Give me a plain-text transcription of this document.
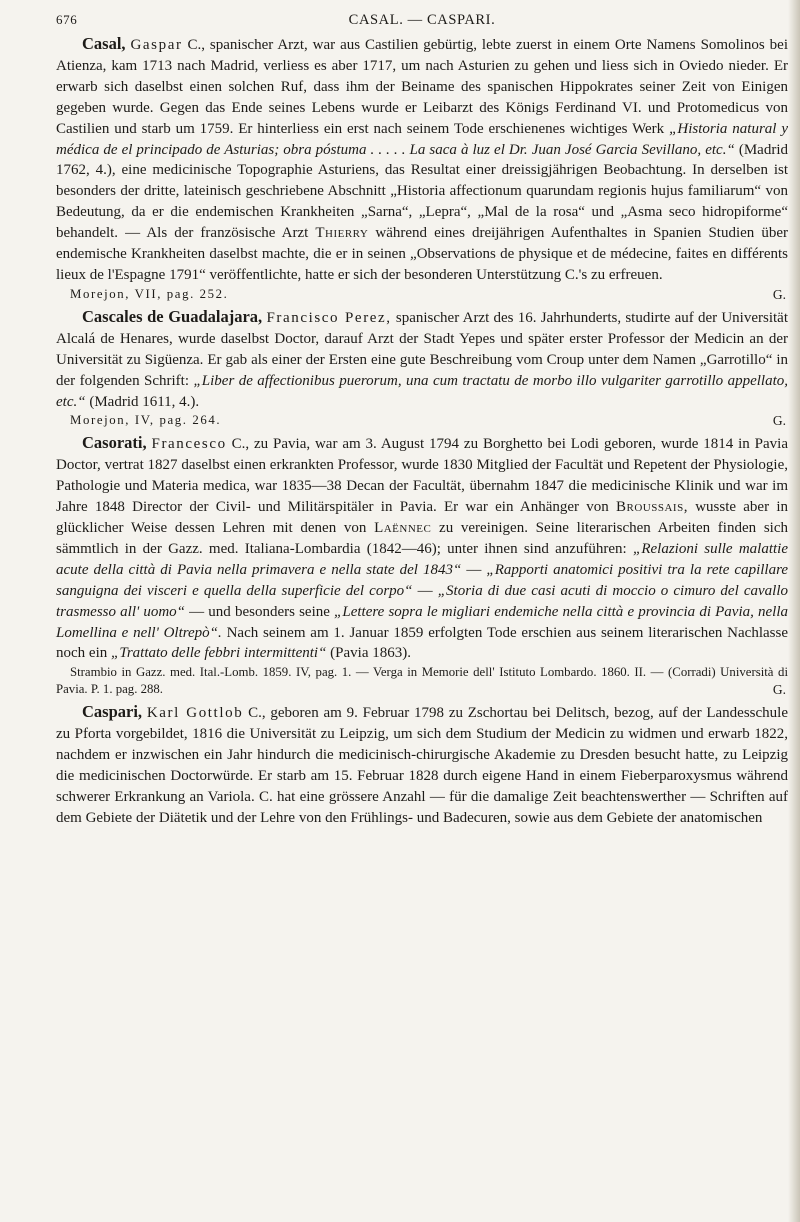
676	CASAL. — CASPARI.

Casal, Gaspar C., spanischer Arzt, war aus Castilien gebürtig, lebte zuerst in einem Orte Namens Somolinos bei Atienza, kam 1713 nach Madrid, verliess es aber 1717, um nach Asturien zu gehen und liess sich in Oviedo nieder. Er erwarb sich daselbst einen solchen Ruf, dass ihm der Beiname des spanischen Hippokrates seiner Zeit von Einigen gegeben wurde. Gegen das Ende seines Lebens wurde er Leibarzt des Königs Ferdinand VI. und Protomedicus von Castilien und starb um 1759. Er hinterliess ein erst nach seinem Tode erschienenes wichtiges Werk „Historia natural y médica de el principado de Asturias; obra póstuma . . . . . La saca à luz el Dr. Juan José Garcia Sevillano, etc.“ (Madrid 1762, 4.), eine medicinische Topographie Asturiens, das Resultat einer dreissigjährigen Beobachtung. In derselben ist besonders der dritte, lateinisch geschriebene Abschnitt „Historia affectionum quarundam regionis hujus familiarum“ von Bedeutung, da er die endemischen Krankheiten „Sarna“, „Lepra“, „Mal de la rosa“ und „Asma seco hidropiforme“ behandelt. — Als der französische Arzt Thierry während eines dreijährigen Aufenthaltes in Spanien Studien über endemische Krankheiten daselbst machte, die er in seinen „Observations de physique et de médecine, faites en différents lieux de l'Espagne 1791“ veröffentlichte, hatte er sich der besonderen Unterstützung C.'s zu erfreuen.

Morejon, VII, pag. 252.	G.

Cascales de Guadalajara, Francisco Perez, spanischer Arzt des 16. Jahrhunderts, studirte auf der Universität Alcalá de Henares, wurde daselbst Doctor, darauf Arzt der Stadt Yepes und später erster Professor der Medicin an der Universität zu Sigüenza. Er gab als einer der Ersten eine gute Beschreibung vom Croup unter dem Namen „Garrotillo“ in der folgenden Schrift: „Liber de affectionibus puerorum, una cum tractatu de morbo illo vulgariter garrotillo appellato, etc.“ (Madrid 1611, 4.).

Morejon, IV, pag. 264.	G.

Casorati, Francesco C., zu Pavia, war am 3. August 1794 zu Borghetto bei Lodi geboren, wurde 1814 in Pavia Doctor, vertrat 1827 daselbst einen erkrankten Professor, wurde 1830 Mitglied der Facultät und Repetent der Physiologie, Pathologie und Materia medica, war 1835—38 Decan der Facultät, übernahm 1847 die medicinische Klinik und war im Jahre 1848 Director der Civil- und Militärspitäler in Pavia. Er war ein Anhänger von Broussais, wusste aber in glücklicher Weise dessen Lehren mit denen von Laënnec zu vereinigen. Seine literarischen Arbeiten finden sich sämmtlich in der Gazz. med. Italiana-Lombardia (1842—46); unter ihnen sind anzuführen: „Relazioni sulle malattie acute della città di Pavia nella primavera e nella state del 1843“ — „Rapporti anatomici positivi tra la rete capillare sanguigna dei visceri e quella della superficie del corpo“ — „Storia di due casi acuti di moccio o cimuro del cavallo trasmesso all' uomo“ — und besonders seine „Lettere sopra le migliari endemiche nella città e provincia di Pavia, nella Lomellina e nell' Oltrepò“. Nach seinem am 1. Januar 1859 erfolgten Tode erschien aus seinem literarischen Nachlasse noch ein „Trattato delle febbri intermittenti“ (Pavia 1863).

Strambio in Gazz. med. Ital.-Lomb. 1859. IV, pag. 1. — Verga in Memorie dell' Istituto Lombardo. 1860. II. — (Corradi) Università di Pavia. P. 1. pag. 288.	G.

Caspari, Karl Gottlob C., geboren am 9. Februar 1798 zu Zschortau bei Delitsch, bezog, auf der Landesschule zu Pforta vorgebildet, 1816 die Universität zu Leipzig, um sich dem Studium der Medicin zu widmen und erwarb 1822, nachdem er inzwischen ein Jahr hindurch die medicinisch-chirurgische Akademie zu Dresden besucht hatte, zu Leipzig die medicinischen Doctorwürde. Er starb am 15. Februar 1828 durch eigene Hand in einem Fieberparoxysmus während schwerer Erkrankung an Variola. C. hat eine grössere Anzahl — für die damalige Zeit beachtenswerther — Schriften auf dem Gebiete der Diätetik und der Lehre von den Frühlings- und Badecuren, sowie aus dem Gebiete der anatomischen
